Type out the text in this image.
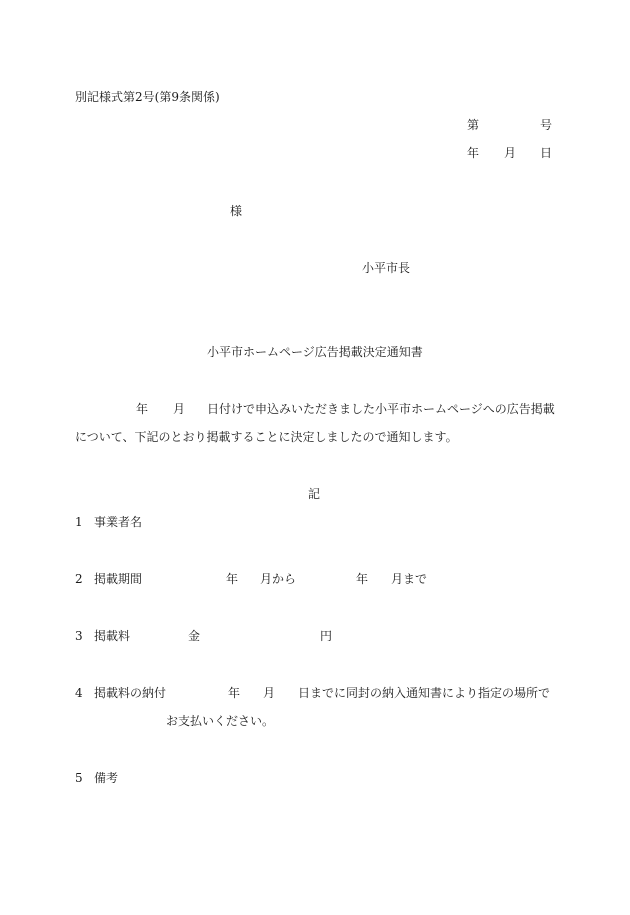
別記様式第2号(第9条関係)
第	号
年 月 日
様
小平市長
小平市ホームページ広告掲載決定通知書
年 月 日付けで申込みいただきました小平市ホームページへの広告掲載
について、下記のとおり掲載することに決定しましたので通知します。
記
1 事業者名
2 掲載期間	年 月から	年 月まで
3 掲載料	金	円
4 掲載料の納付	年 月 日までに同封の納入通知書により指定の場所で
お支払いください。
5 備考
